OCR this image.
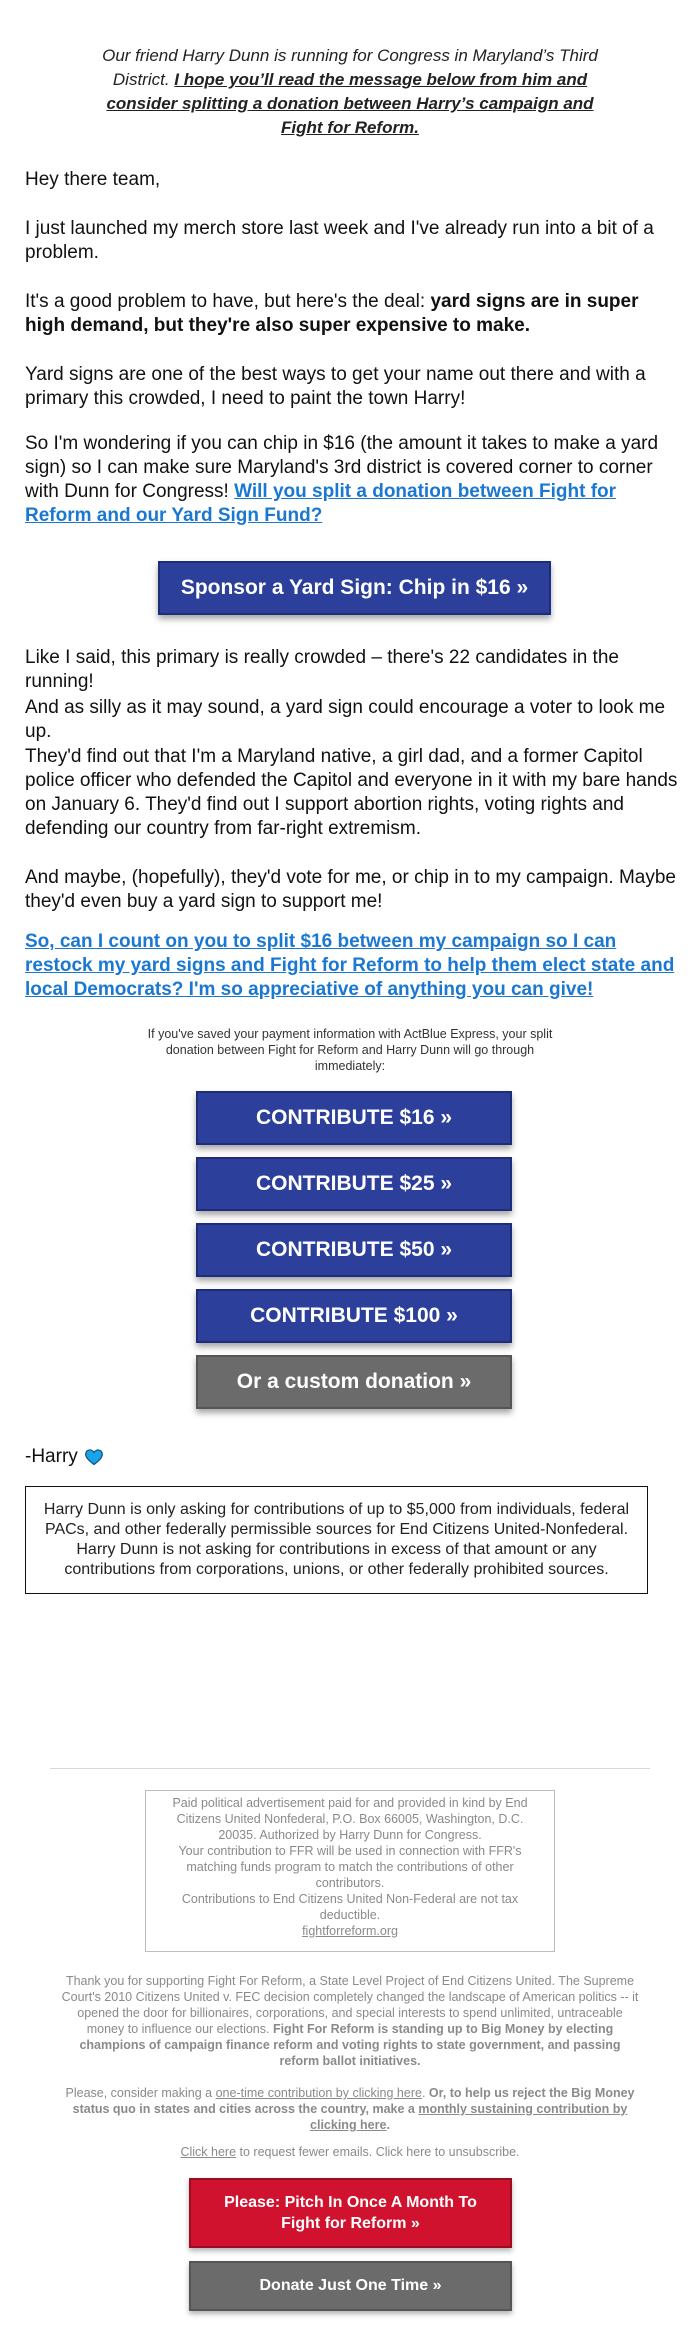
Our friend Harry Dunn is running for Congress in Maryland’s Third District. I hope you’ll read the message below from him and consider splitting a donation between Harry’s campaign and Fight for Reform.

Hey there team,

I just launched my merch store last week and I've already run into a bit of a problem.

It's a good problem to have, but here's the deal: yard signs are in super high demand, but they're also super expensive to make.

Yard signs are one of the best ways to get your name out there and with a primary this crowded, I need to paint the town Harry!

So I'm wondering if you can chip in $16 (the amount it takes to make a yard sign) so I can make sure Maryland's 3rd district is covered corner to corner with Dunn for Congress! Will you split a donation between Fight for Reform and our Yard Sign Fund?

Sponsor a Yard Sign: Chip in $16 »

Like I said, this primary is really crowded – there's 22 candidates in the running!

And as silly as it may sound, a yard sign could encourage a voter to look me up.

They'd find out that I'm a Maryland native, a girl dad, and a former Capitol police officer who defended the Capitol and everyone in it with my bare hands on January 6. They'd find out I support abortion rights, voting rights and defending our country from far-right extremism.

And maybe, (hopefully), they'd vote for me, or chip in to my campaign. Maybe they'd even buy a yard sign to support me!

So, can I count on you to split $16 between my campaign so I can restock my yard signs and Fight for Reform to help them elect state and local Democrats? I'm so appreciative of anything you can give!

If you've saved your payment information with ActBlue Express, your split donation between Fight for Reform and Harry Dunn will go through immediately:
CONTRIBUTE $16 »
CONTRIBUTE $25 »
CONTRIBUTE $50 »
CONTRIBUTE $100 »
Or a custom donation »
-Harry
Harry Dunn is only asking for contributions of up to $5,000 from individuals, federal PACs, and other federally permissible sources for End Citizens United-Nonfederal. Harry Dunn is not asking for contributions in excess of that amount or any contributions from corporations, unions, or other federally prohibited sources.

Paid political advertisement paid for and provided in kind by End Citizens United Nonfederal, P.O. Box 66005, Washington, D.C. 20035. Authorized by Harry Dunn for Congress.

Your contribution to FFR will be used in connection with FFR's matching funds program to match the contributions of other contributors.

Contributions to End Citizens United Non-Federal are not tax deductible.

fightforreform.org

Thank you for supporting Fight For Reform, a State Level Project of End Citizens United. The Supreme Court's 2010 Citizens United v. FEC decision completely changed the landscape of American politics -- it opened the door for billionaires, corporations, and special interests to spend unlimited, untraceable money to influence our elections. Fight For Reform is standing up to Big Money by electing champions of campaign finance reform and voting rights to state government, and passing reform ballot initiatives.

Please, consider making a one-time contribution by clicking here. Or, to help us reject the Big Money status quo in states and cities across the country, make a monthly sustaining contribution by clicking here.

Click here to request fewer emails. Click here to unsubscribe.

Please: Pitch In Once A Month To Fight for Reform »
Donate Just One Time »
